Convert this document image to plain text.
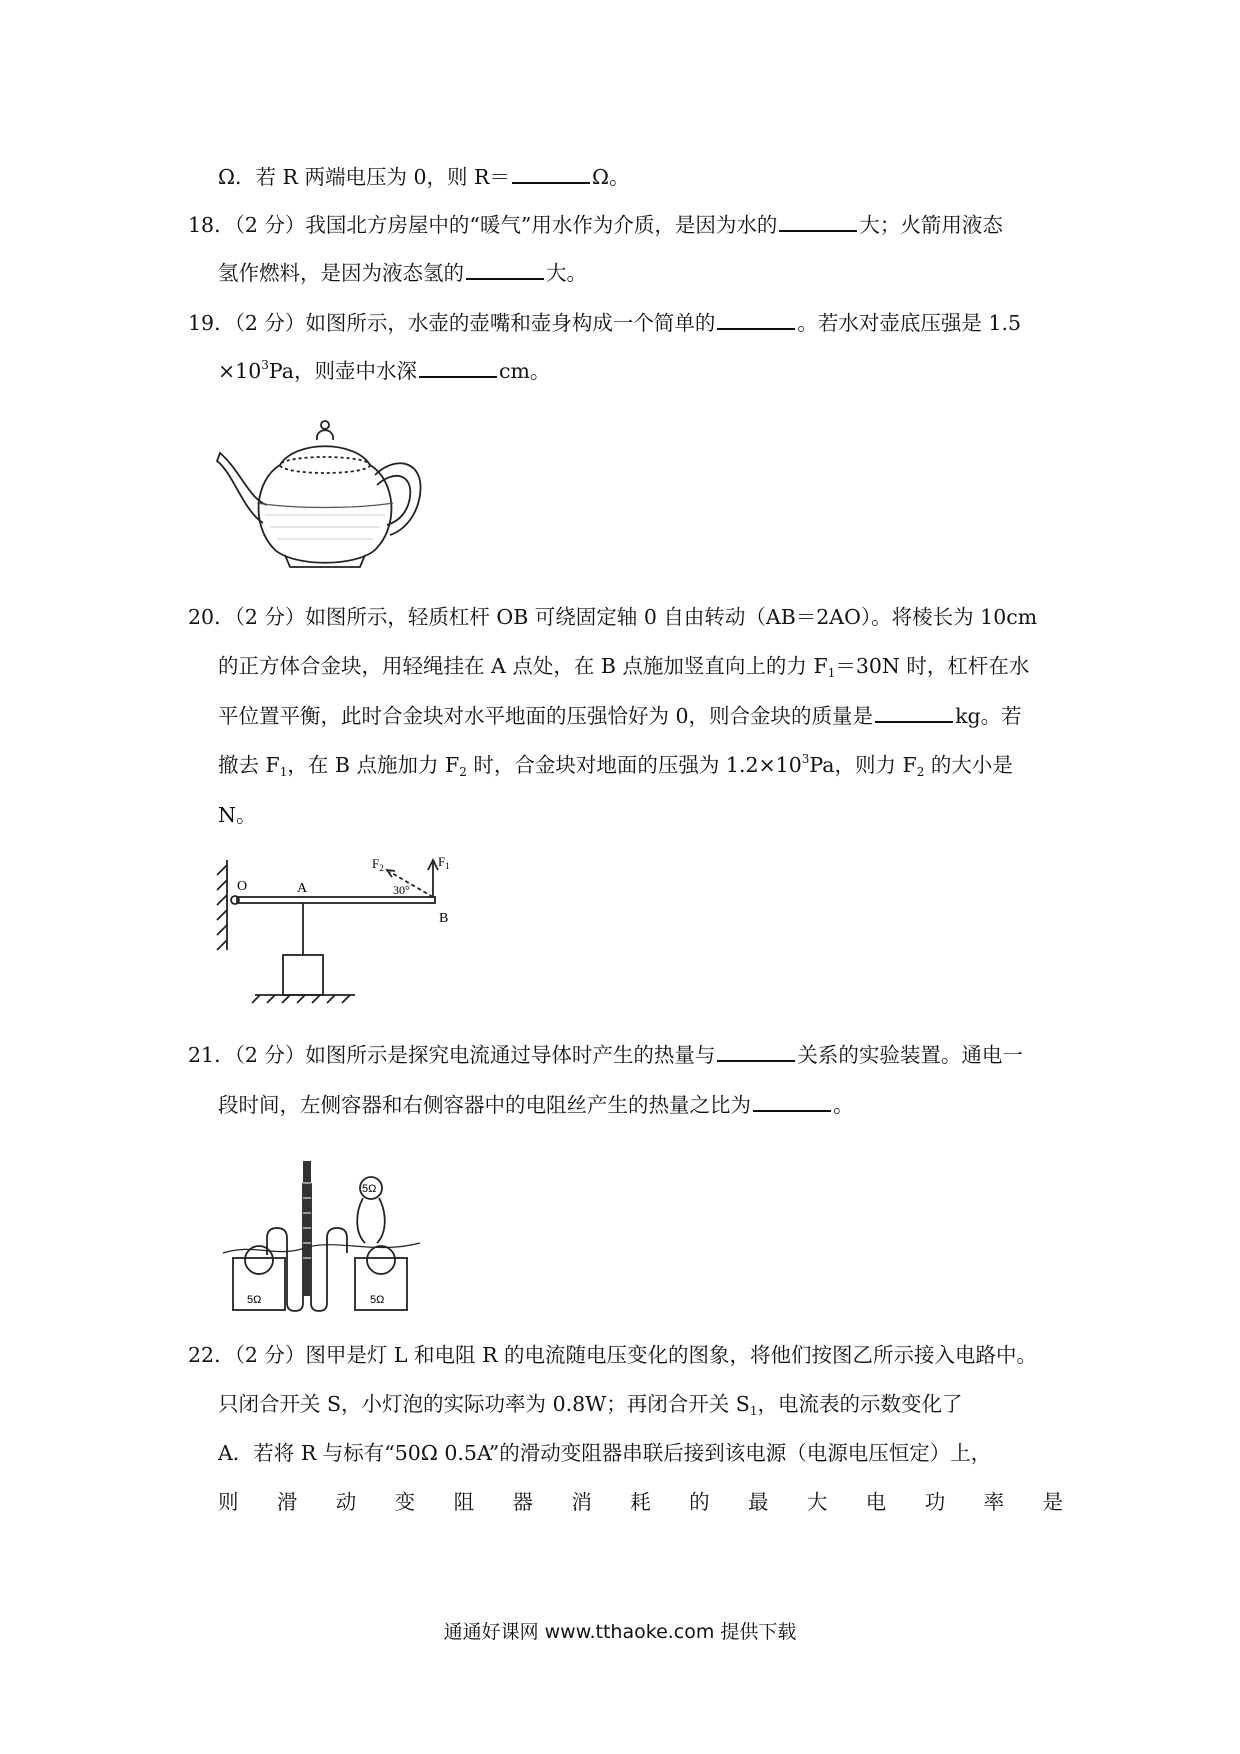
Ω．若 R 两端电压为 0，则 R＝	Ω。
18．（2 分）我国北方房屋中的“暖气”用水作为介质，是因为水的	大；火箭用液态
氢作燃料，是因为液态氢的	大。
19．（2 分）如图所示，水壶的壶嘴和壶身构成一个简单的	。若水对壶底压强是 1.5
$\times 10^3Pa$，则壶中水深	cm。
20．（2 分）如图所示，轻质杠杆 OB 可绕固定轴 0 自由转动（AB＝2AO）。将棱长为 10cm
的正方体合金块，用轻绳挂在 A 点处，在 B 点施加竖直向上的力 $F_1=30N$ 时，杠杆在水
平位置平衡，此时合金块对水平地面的压强恰好为 0，则合金块的质量是	kg。若
撤去 $F_1$，在 B 点施加力 $F_2$ 时，合金块对地面的压强为 $1.2\times 10^3Pa$，则力 $F_2$ 的大小是
N。
O	A
B
$F_1$
$F_2$
30°
21．（2 分）如图所示是探究电流通过导体时产生的热量与	关系的实验装置。通电一
段时间，左侧容器和右侧容器中的电阻丝产生的热量之比为	。
5Ω	5Ω
5Ω
22．（2 分）图甲是灯 L 和电阻 R 的电流随电压变化的图象，将他们按图乙所示接入电路中。
只闭合开关 S，小灯泡的实际功率为 0.8W；再闭合开关 $S_1$，电流表的示数变化了
A．若将 R 与标有“50Ω 0.5A”的滑动变阻器串联后接到该电源（电源电压恒定）上，
则 滑 动 变 阻 器 消 耗 的 最 大 电 功 率 是
通通好课网 www.tthaoke.com 提供下载
